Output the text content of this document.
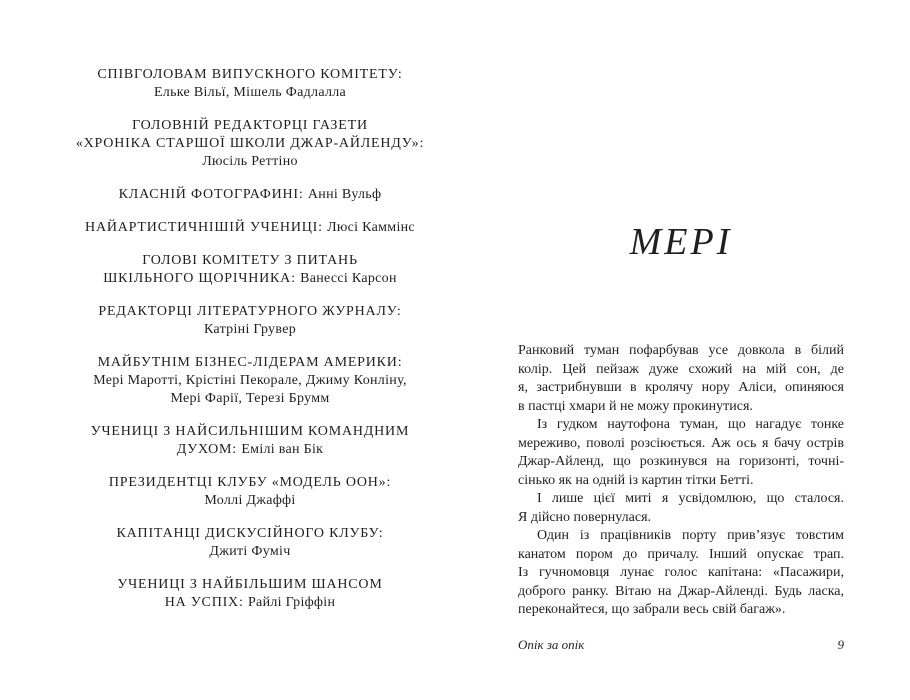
СПІВГОЛОВАМ ВИПУСКНОГО КОМІТЕТУ:
Ельке Вільї, Мішель Фадлалла
ГОЛОВНІЙ РЕДАКТОРЦІ ГАЗЕТИ
«ХРОНІКА СТАРШОЇ ШКОЛИ ДЖАР-АЙЛЕНДУ»:
Люсіль Реттіно
КЛАСНІЙ ФОТОГРАФИНІ: Анні Вульф
НАЙАРТИСТИЧНІШІЙ УЧЕНИЦІ: Люсі Каммінс
ГОЛОВІ КОМІТЕТУ З ПИТАНЬ
ШКІЛЬНОГО ЩОРІЧНИКА: Ванессі Карсон
РЕДАКТОРЦІ ЛІТЕРАТУРНОГО ЖУРНАЛУ:
Катріні Грувер
МАЙБУТНІМ БІЗНЕС-ЛІДЕРАМ АМЕРИКИ:
Мері Маротті, Крістіні Пекорале, Джиму Конліну,
Мері Фарії, Терезі Брумм
УЧЕНИЦІ З НАЙСИЛЬНІШИМ КОМАНДНИМ
ДУХОМ: Емілі ван Бік
ПРЕЗИДЕНТЦІ КЛУБУ «МОДЕЛЬ ООН»:
Моллі Джаффі
КАПІТАНЦІ ДИСКУСІЙНОГО КЛУБУ:
Джиті Фуміч
УЧЕНИЦІ З НАЙБІЛЬШИМ ШАНСОМ
НА УСПІХ: Райлі Гріффін
МЕРІ
Ранковий туман пофарбував усе довкола в білий
колір. Цей пейзаж дуже схожий на мій сон, де
я, застрибнувши в кролячу нору Аліси, опиняюся
в пастці хмари й не можу прокинутися.
Із гудком наутофона туман, що нагадує тонке
мереживо, поволі розсіюється. Аж ось я бачу острів
Джар-Айленд, що розкинувся на горизонті, точні-
сінько як на одній із картин тітки Бетті.
І лише цієї миті я усвідомлюю, що сталося.
Я дійсно повернулася.
Один із працівників порту прив’язує товстим
канатом пором до причалу. Інший опускає трап.
Із гучномовця лунає голос капітана: «Пасажири,
доброго ранку. Вітаю на Джар-Айленді. Будь ласка,
переконайтеся, що забрали весь свій багаж».
Опік за опік	9
